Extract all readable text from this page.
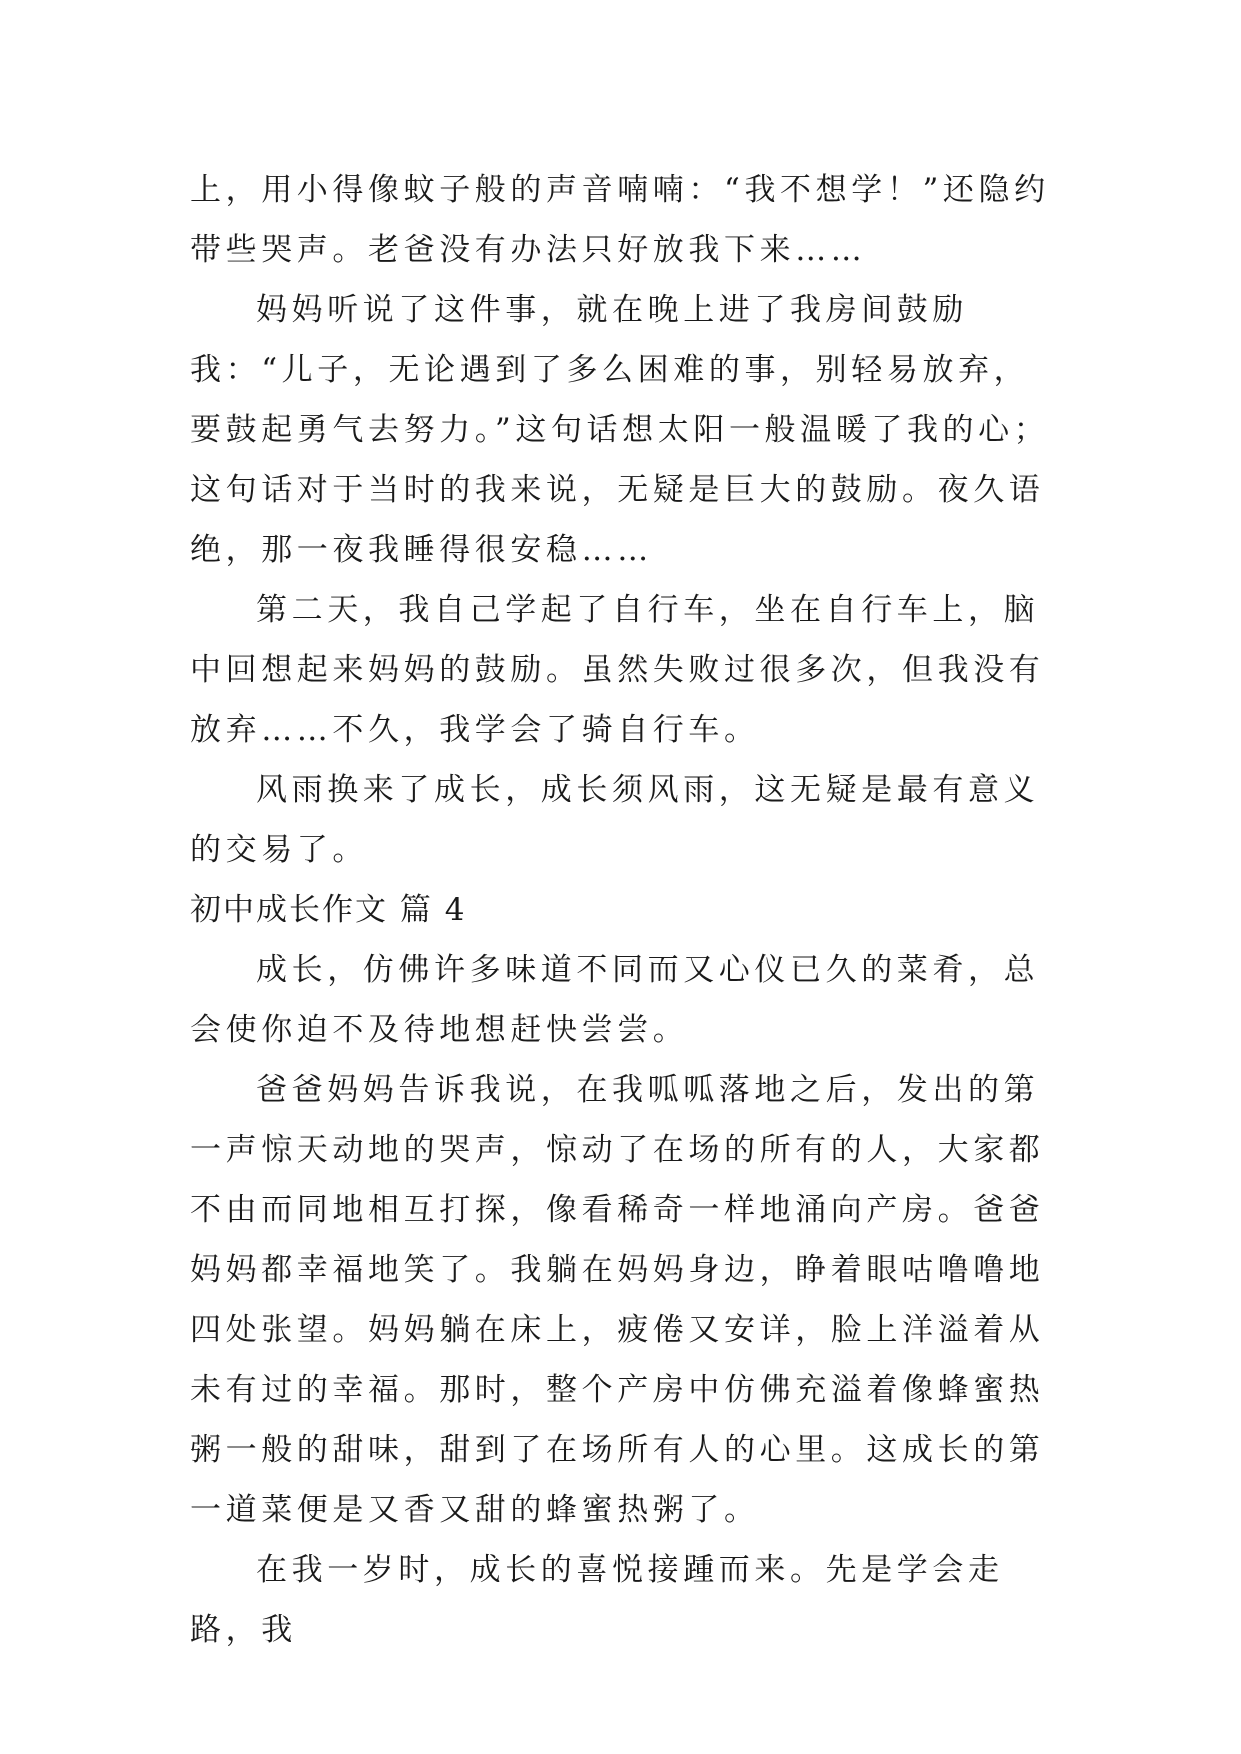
上，用小得像蚊子般的声音喃喃：“我不想学！”还隐约带些哭声。老爸没有办法只好放我下来……

妈妈听说了这件事，就在晚上进了我房间鼓励我：“儿子，无论遇到了多么困难的事，别轻易放弃，要鼓起勇气去努力。”这句话想太阳一般温暖了我的心；这句话对于当时的我来说，无疑是巨大的鼓励。夜久语绝，那一夜我睡得很安稳……

第二天，我自己学起了自行车，坐在自行车上，脑中回想起来妈妈的鼓励。虽然失败过很多次，但我没有放弃……不久，我学会了骑自行车。

风雨换来了成长，成长须风雨，这无疑是最有意义的交易了。

初中成长作文 篇 4

成长，仿佛许多味道不同而又心仪已久的菜肴，总会使你迫不及待地想赶快尝尝。

爸爸妈妈告诉我说，在我呱呱落地之后，发出的第一声惊天动地的哭声，惊动了在场的所有的人，大家都不由而同地相互打探，像看稀奇一样地涌向产房。爸爸妈妈都幸福地笑了。我躺在妈妈身边，睁着眼咕噜噜地四处张望。妈妈躺在床上，疲倦又安详，脸上洋溢着从未有过的幸福。那时，整个产房中仿佛充溢着像蜂蜜热粥一般的甜味，甜到了在场所有人的心里。这成长的第一道菜便是又香又甜的蜂蜜热粥了。

在我一岁时，成长的喜悦接踵而来。先是学会走路，我
